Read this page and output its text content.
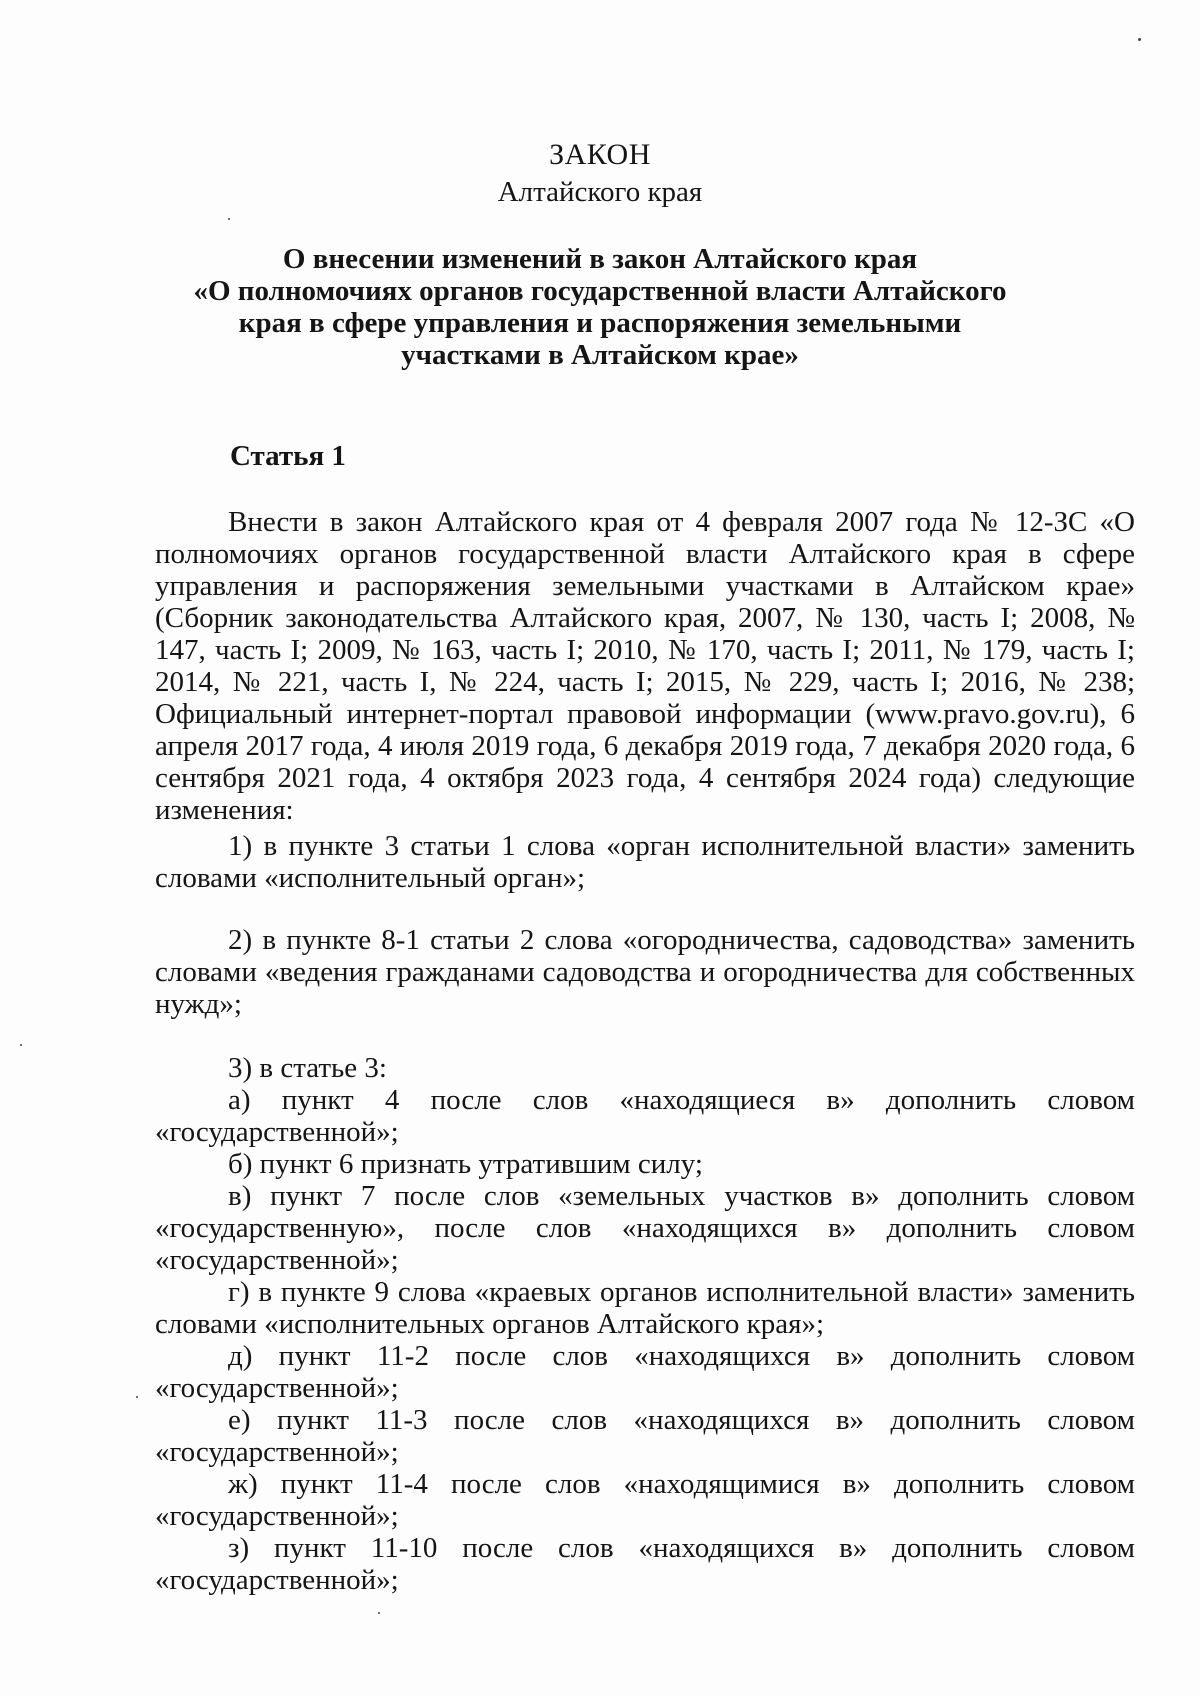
ЗАКОН
Алтайского края
О внесении изменений в закон Алтайского края
«О полномочиях органов государственной власти Алтайского
края в сфере управления и распоряжения земельными
участками в Алтайском крае»
Статья 1

Внести в закон Алтайского края от 4 февраля 2007 года № 12-ЗС «О полномочиях органов государственной власти Алтайского края в сфере управления и распоряжения земельными участками в Алтайском крае» (Сборник законодательства Алтайского края, 2007, № 130, часть I; 2008, № 147, часть I; 2009, № 163, часть I; 2010, № 170, часть I; 2011, № 179, часть I; 2014, № 221, часть I, № 224, часть I; 2015, № 229, часть I; 2016, № 238; Официальный интернет-портал правовой информации (www.pravo.gov.ru), 6 апреля 2017 года, 4 июля 2019 года, 6 декабря 2019 года, 7 декабря 2020 года, 6 сентября 2021 года, 4 октября 2023 года, 4 сентября 2024 года) следующие изменения:

1) в пункте 3 статьи 1 слова «орган исполнительной власти» заменить словами «исполнительный орган»;

2) в пункте 8-1 статьи 2 слова «огородничества, садоводства» заменить словами «ведения гражданами садоводства и огородничества для собственных нужд»;

3) в статье 3:

а) пункт 4 после слов «находящиеся в» дополнить словом «государственной»;

б) пункт 6 признать утратившим силу;

в) пункт 7 после слов «земельных участков в» дополнить словом «государственную», после слов «находящихся в» дополнить словом «государственной»;

г) в пункте 9 слова «краевых органов исполнительной власти» заменить словами «исполнительных органов Алтайского края»;

д) пункт 11-2 после слов «находящихся в» дополнить словом «государственной»;

е) пункт 11-3 после слов «находящихся в» дополнить словом «государственной»;

ж) пункт 11-4 после слов «находящимися в» дополнить словом «государственной»;

з) пункт 11-10 после слов «находящихся в» дополнить словом «государственной»;
